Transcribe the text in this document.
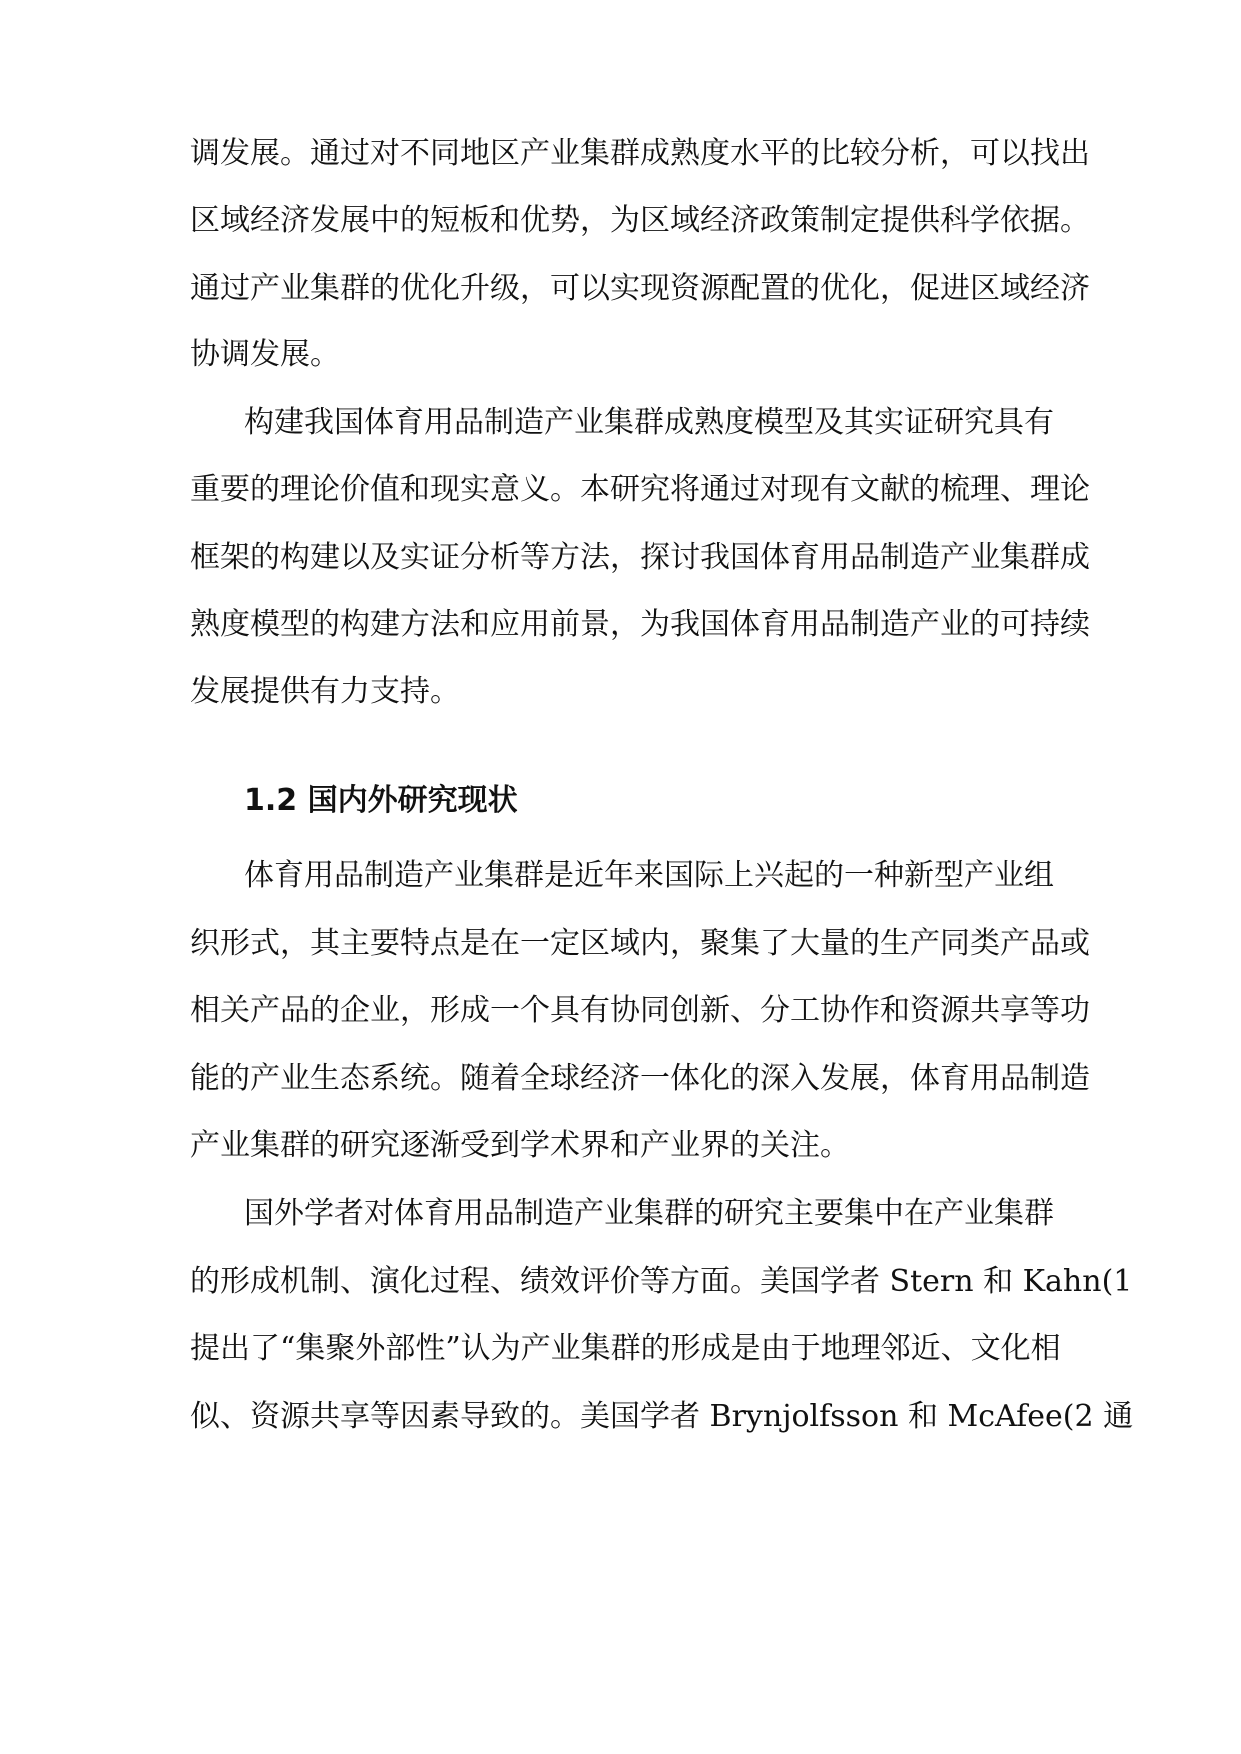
调发展。通过对不同地区产业集群成熟度水平的比较分析，可以找出
区域经济发展中的短板和优势，为区域经济政策制定提供科学依据。
通过产业集群的优化升级，可以实现资源配置的优化，促进区域经济
协调发展。
构建我国体育用品制造产业集群成熟度模型及其实证研究具有
重要的理论价值和现实意义。本研究将通过对现有文献的梳理、理论
框架的构建以及实证分析等方法，探讨我国体育用品制造产业集群成
熟度模型的构建方法和应用前景，为我国体育用品制造产业的可持续
发展提供有力支持。
1.2 国内外研究现状
体育用品制造产业集群是近年来国际上兴起的一种新型产业组
织形式，其主要特点是在一定区域内，聚集了大量的生产同类产品或
相关产品的企业，形成一个具有协同创新、分工协作和资源共享等功
能的产业生态系统。随着全球经济一体化的深入发展，体育用品制造
产业集群的研究逐渐受到学术界和产业界的关注。
国外学者对体育用品制造产业集群的研究主要集中在产业集群
的形成机制、演化过程、绩效评价等方面。美国学者 Stern 和 Kahn(1
提出了“集聚外部性”认为产业集群的形成是由于地理邻近、文化相
似、资源共享等因素导致的。美国学者 Brynjolfsson 和 McAfee(2 通
